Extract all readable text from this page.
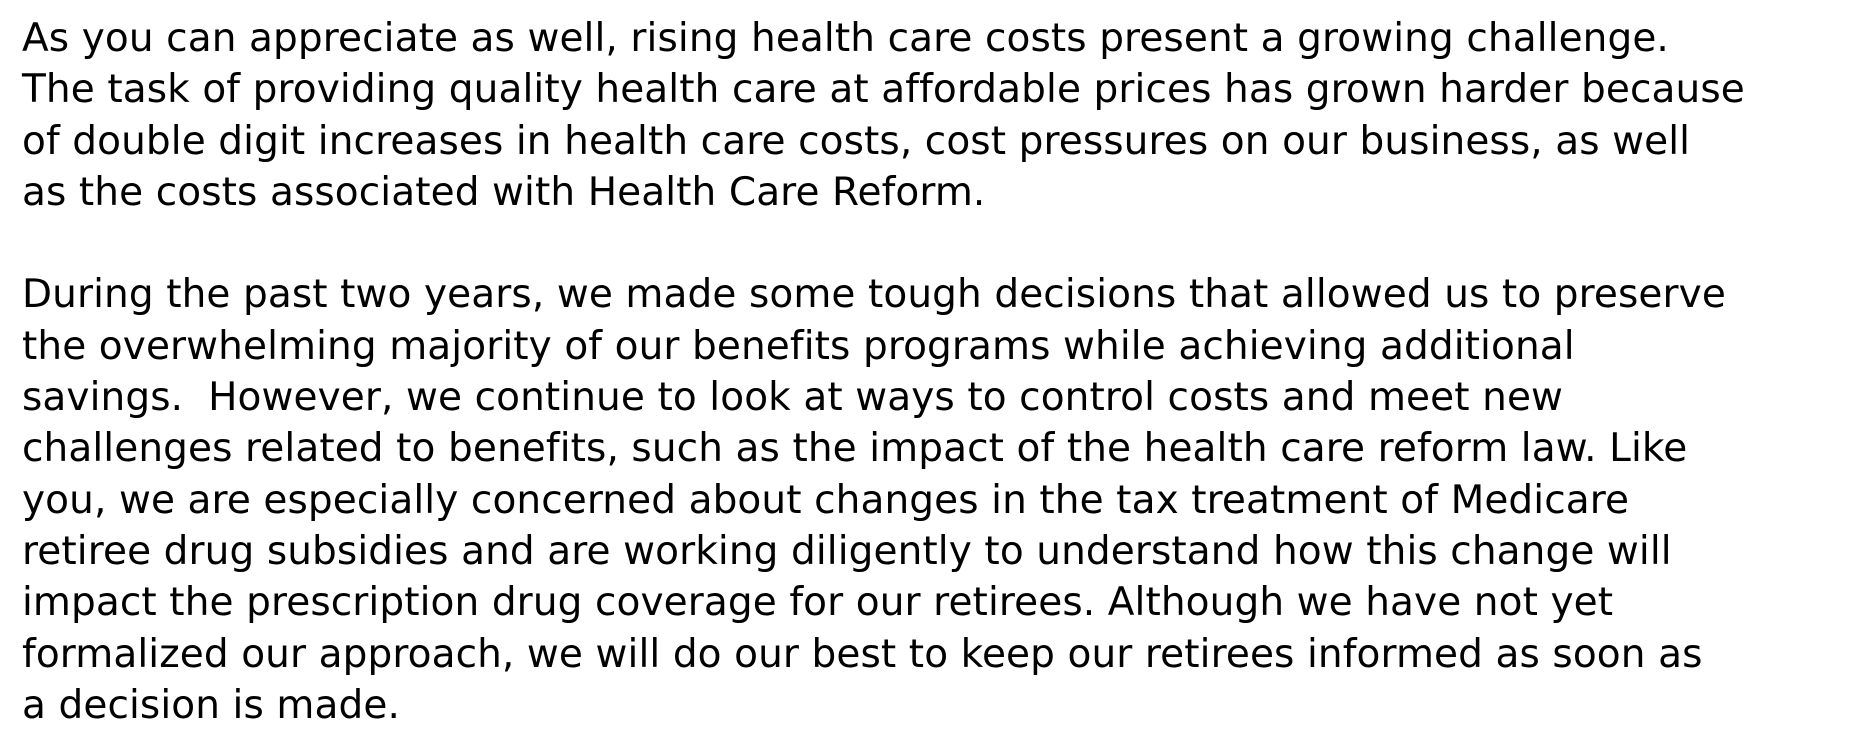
As you can appreciate as well, rising health care costs present a growing challenge.
The task of providing quality health care at affordable prices has grown harder because
of double digit increases in health care costs, cost pressures on our business, as well
as the costs associated with Health Care Reform.

During the past two years, we made some tough decisions that allowed us to preserve
the overwhelming majority of our benefits programs while achieving additional
savings.  However, we continue to look at ways to control costs and meet new
challenges related to benefits, such as the impact of the health care reform law. Like
you, we are especially concerned about changes in the tax treatment of Medicare
retiree drug subsidies and are working diligently to understand how this change will
impact the prescription drug coverage for our retirees. Although we have not yet
formalized our approach, we will do our best to keep our retirees informed as soon as
a decision is made.
